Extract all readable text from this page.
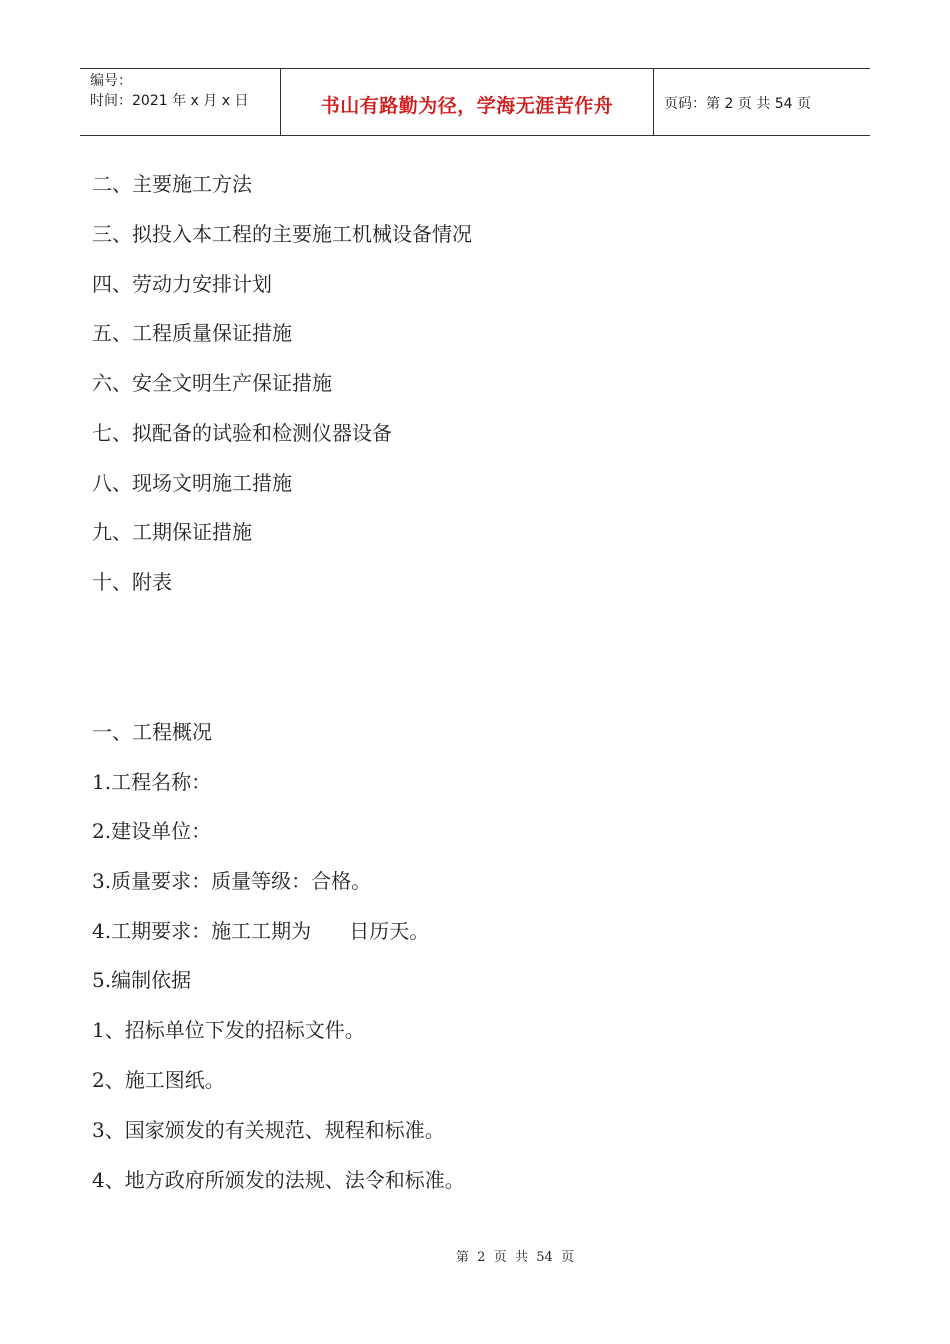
编号：
时间：2021 年 x 月 x 日	书山有路勤为径，学海无涯苦作舟	页码：第 2 页 共 54 页
二、主要施工方法
三、拟投入本工程的主要施工机械设备情况
四、劳动力安排计划
五、工程质量保证措施
六、安全文明生产保证措施
七、拟配备的试验和检测仪器设备
八、现场文明施工措施
九、工期保证措施
十、附表
一、工程概况
1.工程名称：
2.建设单位：
3.质量要求：质量等级：合格。
4.工期要求：施工工期为      日历天。
5.编制依据
1、招标单位下发的招标文件。
2、施工图纸。
3、国家颁发的有关规范、规程和标准。
4、地方政府所颁发的法规、法令和标准。
第  2  页  共  54  页
